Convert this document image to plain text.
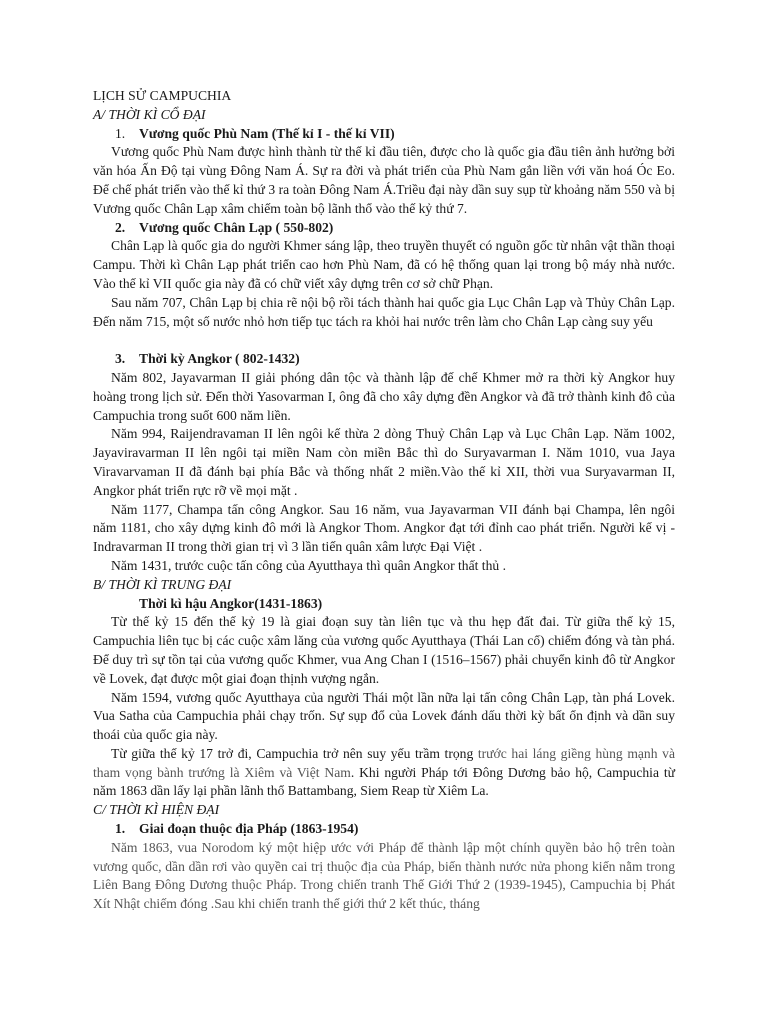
LỊCH SỬ CAMPUCHIA

A/ THỜI KÌ CỔ ĐẠI

1. Vương quốc Phù Nam (Thế kỉ I - thế kỉ VII)

Vương quốc Phù Nam được hình thành từ thế kỉ đầu tiên, được cho là quốc gia đầu tiên ảnh hưởng bởi văn hóa Ấn Độ tại vùng Đông Nam Á. Sự ra đời và phát triển của Phù Nam gắn liền với văn hoá Óc Eo. Để chế phát triển vào thế kỉ thứ 3 ra toàn Đông Nam Á.Triều đại này dần suy sụp từ khoảng năm 550 và bị Vương quốc Chân Lạp xâm chiếm toàn bộ lãnh thổ vào thế kỷ thứ 7.

2. Vương quốc Chân Lạp ( 550-802)

Chân Lạp là quốc gia do người Khmer sáng lập, theo truyền thuyết có nguồn gốc từ nhân vật thần thoại Campu. Thời kì Chân Lạp phát triển cao hơn Phù Nam, đã có hệ thống quan lại trong bộ máy nhà nước. Vào thế kỉ VII quốc gia này đã có chữ viết xây dựng trên cơ sở chữ Phạn.

Sau năm 707, Chân Lạp bị chia rẽ nội bộ rồi tách thành hai quốc gia Lục Chân Lạp và Thủy Chân Lạp. Đến năm 715, một số nước nhỏ hơn tiếp tục tách ra khỏi hai nước trên làm cho Chân Lạp càng suy yếu

3. Thời kỳ Angkor ( 802-1432)

Năm 802, Jayavarman II giải phóng dân tộc và thành lập đế chế Khmer mở ra thời kỳ Angkor huy hoàng trong lịch sử. Đến thời Yasovarman I, ông đã cho xây dựng đền Angkor và đã trở thành kinh đô của Campuchia trong suốt 600 năm liền.

Năm 994, Raijendravaman II lên ngôi kế thừa 2 dòng Thuỷ Chân Lạp và Lục Chân Lạp. Năm 1002, Jayaviravarman II lên ngôi tại miền Nam còn miền Bắc thì do Suryavarman I. Năm 1010, vua Jaya Viravarvaman II đã đánh bại phía Bắc và thống nhất 2 miền.Vào thế kỉ XII, thời vua Suryavarman II, Angkor phát triển rực rỡ về mọi mặt .

Năm 1177, Champa tấn công Angkor. Sau 16 năm, vua Jayavarman VII đánh bại Champa, lên ngôi năm 1181, cho xây dựng kinh đô mới là Angkor Thom. Angkor đạt tới đỉnh cao phát triển. Người kế vị - Indravarman II trong thời gian trị vì 3 lần tiến quân xâm lược Đại Việt .

Năm 1431, trước cuộc tấn công của Ayutthaya thì quân Angkor thất thủ .

B/ THỜI KÌ TRUNG ĐẠI

Thời kì hậu Angkor(1431-1863)

Từ thế kỷ 15 đến thế kỷ 19 là giai đoạn suy tàn liên tục và thu hẹp đất đai. Từ giữa thế kỷ 15, Campuchia liên tục bị các cuộc xâm lăng của vương quốc Ayutthaya (Thái Lan cổ) chiếm đóng và tàn phá. Để duy trì sự tồn tại của vương quốc Khmer, vua Ang Chan I (1516–1567) phải chuyển kinh đô từ Angkor về Lovek, đạt được một giai đoạn thịnh vượng ngắn.

Năm 1594, vương quốc Ayutthaya của người Thái một lần nữa lại tấn công Chân Lạp, tàn phá Lovek. Vua Satha của Campuchia phải chạy trốn. Sự sụp đổ của Lovek đánh dấu thời kỳ bất ổn định và dần suy thoái của quốc gia này.

Từ giữa thế kỷ 17 trở đi, Campuchia trở nên suy yếu trầm trọng trước hai láng giềng hùng mạnh và tham vọng bành trướng là Xiêm và Việt Nam. Khi người Pháp tới Đông Dương bảo hộ, Campuchia từ năm 1863 dần lấy lại phần lãnh thổ Battambang, Siem Reap từ Xiêm La.

C/ THỜI KÌ HIỆN ĐẠI

1. Giai đoạn thuộc địa Pháp (1863-1954)

Năm 1863, vua Norodom ký một hiệp ước với Pháp để thành lập một chính quyền bảo hộ trên toàn vương quốc, dần dần rơi vào quyền cai trị thuộc địa của Pháp, biến thành nước nửa phong kiến nằm trong Liên Bang Đông Dương thuộc Pháp. Trong chiến tranh Thế Giới Thứ 2 (1939-1945), Campuchia bị Phát Xít Nhật chiếm đóng .Sau khi chiến tranh thế giới thứ 2 kết thúc, tháng
